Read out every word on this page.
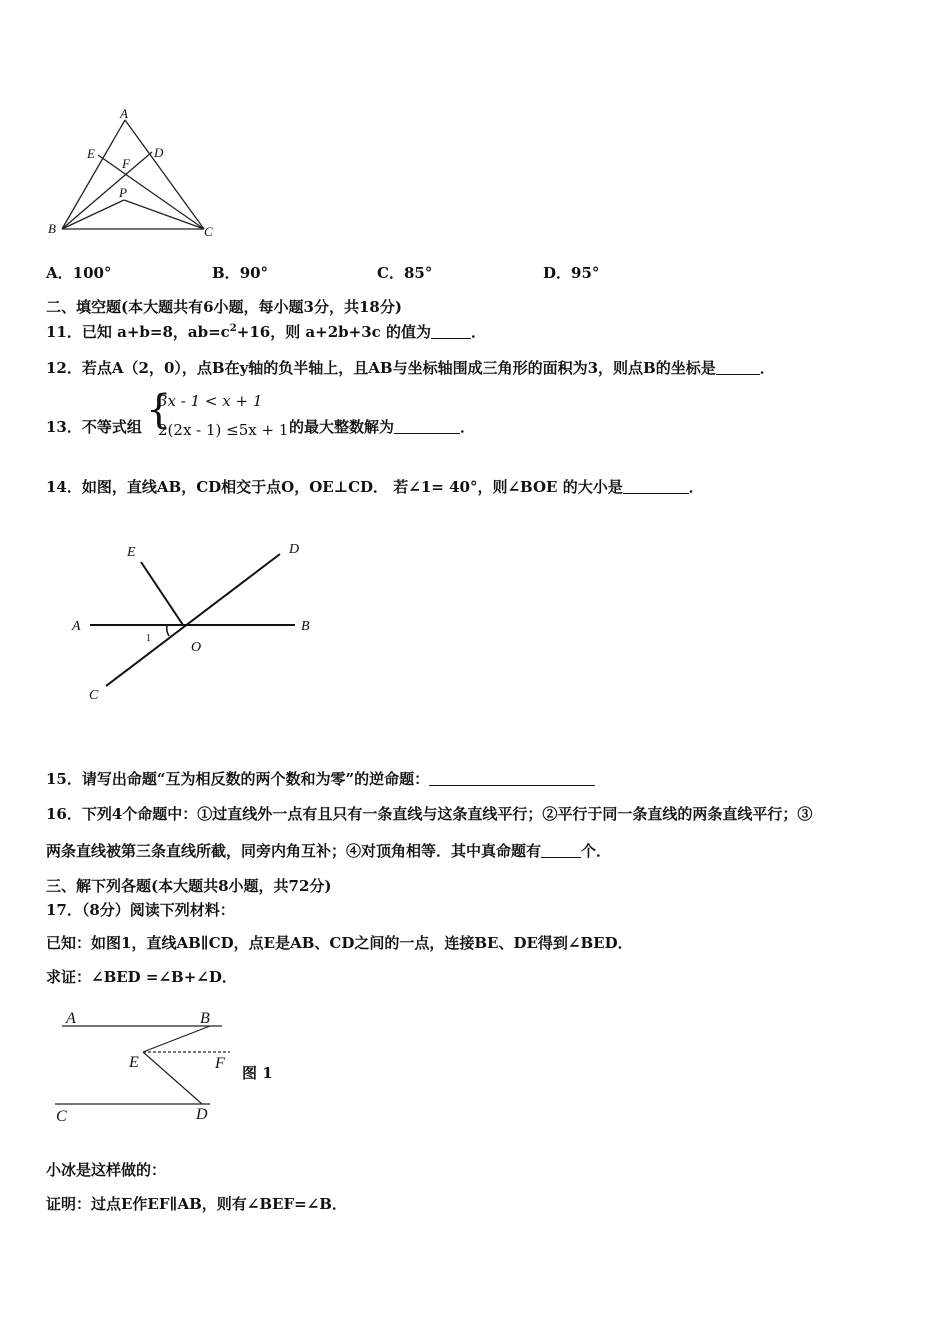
A
E	D
F
P
B	C
A．100°	B．90°	C．85°	D．95°
二、填空题(本大题共有6小题，每小题3分，共18分)
11．已知 a+b=8，$ab=c^2+16$，则 a+2b+3c 的值为	．
12．若点A（2，0），点B在y轴的负半轴上，且AB与坐标轴围成三角形的面积为3，则点B的坐标是	．
13．不等式组 {
3x - 1 < x + 1
2(2x - 1) ≤5x + 1 的最大整数解为	．
14．如图，直线AB，CD相交于点O，OE⊥CD． 若∠1= 40°，则∠BOE 的大小是	．
E	D
A	B
O
C
1
15．请写出命题“互为相反数的两个数和为零”的逆命题：
16．下列4个命题中：①过直线外一点有且只有一条直线与这条直线平行；②平行于同一条直线的两条直线平行；③
两条直线被第三条直线所截，同旁内角互补；④对顶角相等．其中真命题有	个．
三、解下列各题(本大题共8小题，共72分)
17．（8分）阅读下列材料：
已知：如图1，直线AB∥CD，点E是AB、CD之间的一点，连接BE、DE得到∠BED．
求证：∠BED =∠B+∠D．
A	B
E	F
C	D
图 1
小冰是这样做的：
证明：过点E作EF∥AB，则有∠BEF=∠B．
